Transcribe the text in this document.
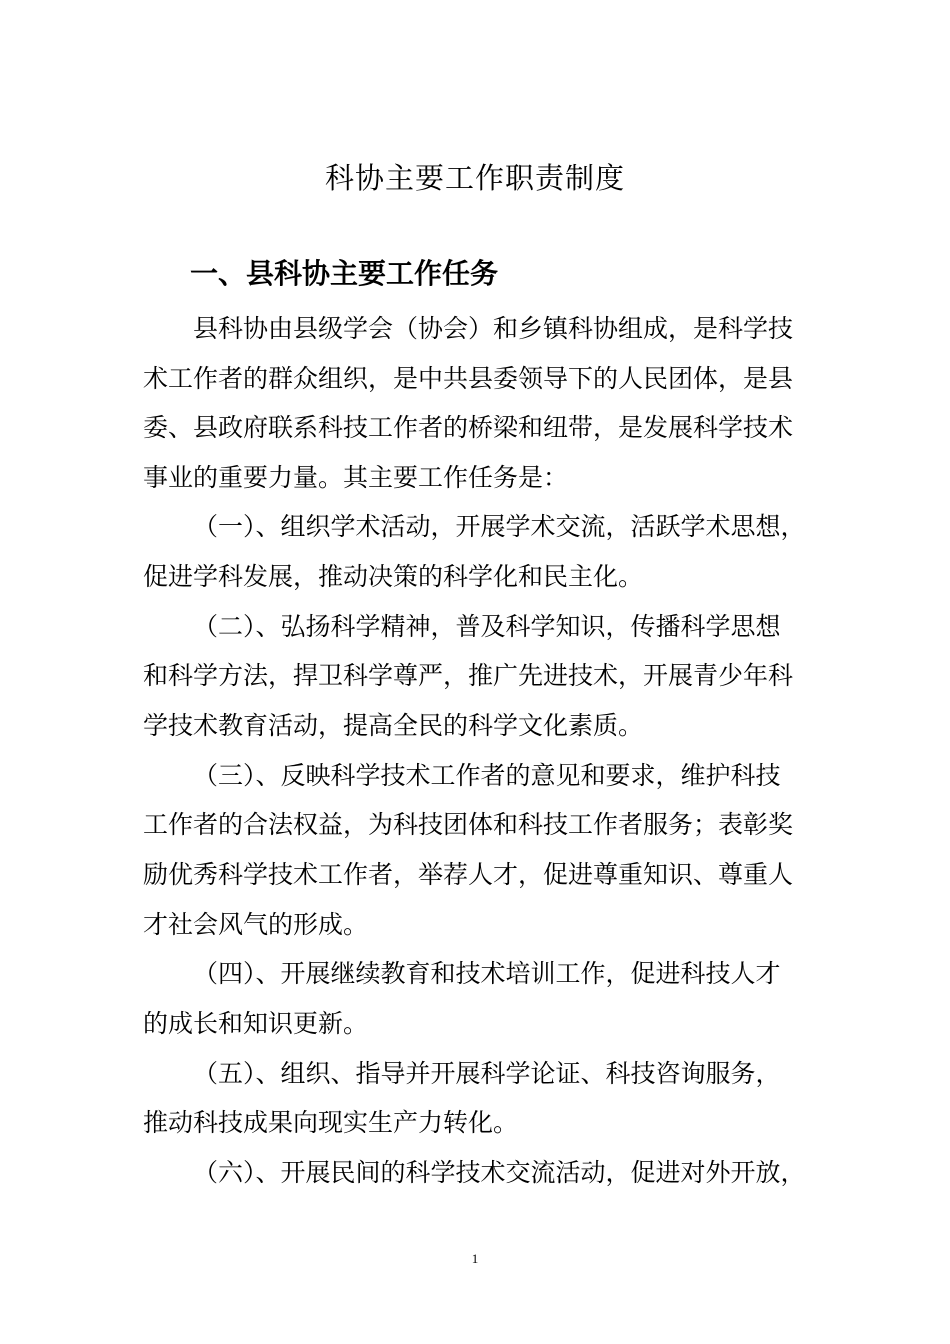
科协主要工作职责制度
一、县科协主要工作任务
县科协由县级学会（协会）和乡镇科协组成，是科学技
术工作者的群众组织，是中共县委领导下的人民团体，是县
委、县政府联系科技工作者的桥梁和纽带，是发展科学技术
事业的重要力量。其主要工作任务是：
（一）、组织学术活动，开展学术交流，活跃学术思想，
促进学科发展，推动决策的科学化和民主化。
（二）、弘扬科学精神，普及科学知识，传播科学思想
和科学方法，捍卫科学尊严，推广先进技术，开展青少年科
学技术教育活动，提高全民的科学文化素质。
（三）、反映科学技术工作者的意见和要求，维护科技
工作者的合法权益，为科技团体和科技工作者服务；表彰奖
励优秀科学技术工作者，举荐人才，促进尊重知识、尊重人
才社会风气的形成。
（四）、开展继续教育和技术培训工作，促进科技人才
的成长和知识更新。
（五）、组织、指导并开展科学论证、科技咨询服务，
推动科技成果向现实生产力转化。
（六）、开展民间的科学技术交流活动，促进对外开放，
1
